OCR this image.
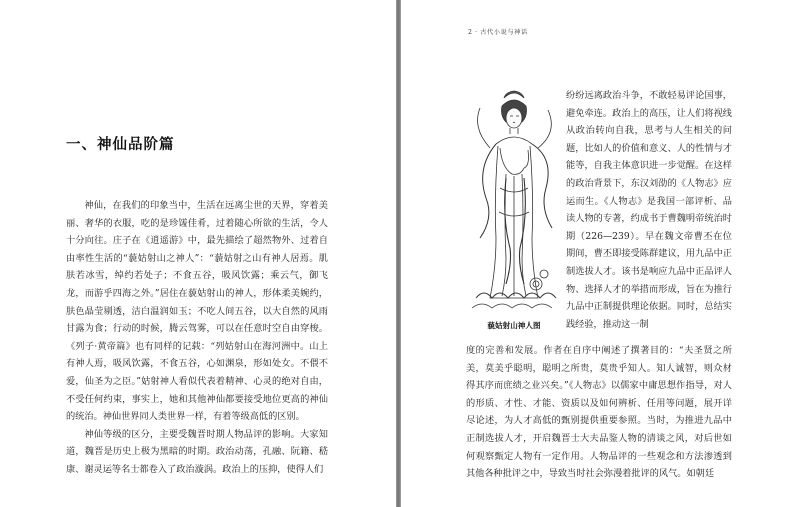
一、神仙品阶篇

神仙，在我们的印象当中，生活在远离尘世的天界，穿着美丽、奢华的衣服，吃的是珍馐佳肴，过着随心所欲的生活，令人十分向往。庄子在《逍遥游》中，最先描绘了超然物外、过着自由率性生活的“藐姑射山之神人”：“藐姑射之山有神人居焉。肌肤若冰雪，绰约若处子；不食五谷，吸风饮露；乘云气，御飞龙，而游乎四海之外。”居住在藐姑射山的神人，形体柔美婉约，肤色晶莹剔透，洁白温润如玉；不吃人间五谷，以大自然的风雨甘露为食；行动的时候，腾云驾雾，可以在任意时空自由穿梭。《列子·黄帝篇》也有同样的记载：“列姑射山在海河洲中。山上有神人焉，吸风饮露，不食五谷，心如渊泉，形如处女。不偎不爱，仙圣为之臣。”姑射神人看似代表着精神、心灵的绝对自由，不受任何约束，事实上，她和其他神仙都要接受地位更高的神仙的统治。神仙世界同人类世界一样，有着等级高低的区别。

神仙等级的区分，主要受魏晋时期人物品评的影响。大家知道，魏晋是历史上极为黑暗的时期。政治动荡，孔融、阮籍、嵇康、谢灵运等名士都卷入了政治漩涡。政治上的压抑，使得人们

2 · 古代小说与神话
藐姑射山神人图

纷纷远离政治斗争，不敢轻易评论国事，避免牵连。政治上的高压，让人们将视线从政治转向自我，思考与人生相关的问题，比如人的价值和意义、人的性情与才能等，自我主体意识进一步觉醒。在这样的政治背景下，东汉刘劭的《人物志》应运而生。《人物志》是我国一部评析、品读人物的专著，约成书于曹魏明帝统治时期（226—239）。早在魏文帝曹丕在位期间，曹丕即接受陈群建议，用九品中正制选拔人才。该书是响应九品中正品评人物、选择人才的举措而形成，旨在为推行九品中正制提供理论依据。同时，总结实践经验，推动这一制

度的完善和发展。作者在自序中阐述了撰著目的：“夫圣贤之所美，莫美乎聪明，聪明之所贵，莫贵乎知人。知人诚智，则众材得其序而庶绩之业兴矣。”《人物志》以儒家中庸思想作指导，对人的形质、才性、才能、资质以及如何辨析、任用等问题，展开详尽论述，为人才高低的甄别提供重要参照。当时，为推进九品中正制选拔人才，开启魏晋士大夫品鉴人物的清谈之风，对后世如何观察甄定人物有一定作用。人物品评的一些观念和方法渗透到其他各种批评之中，导致当时社会弥漫着批评的风气。如朝廷
